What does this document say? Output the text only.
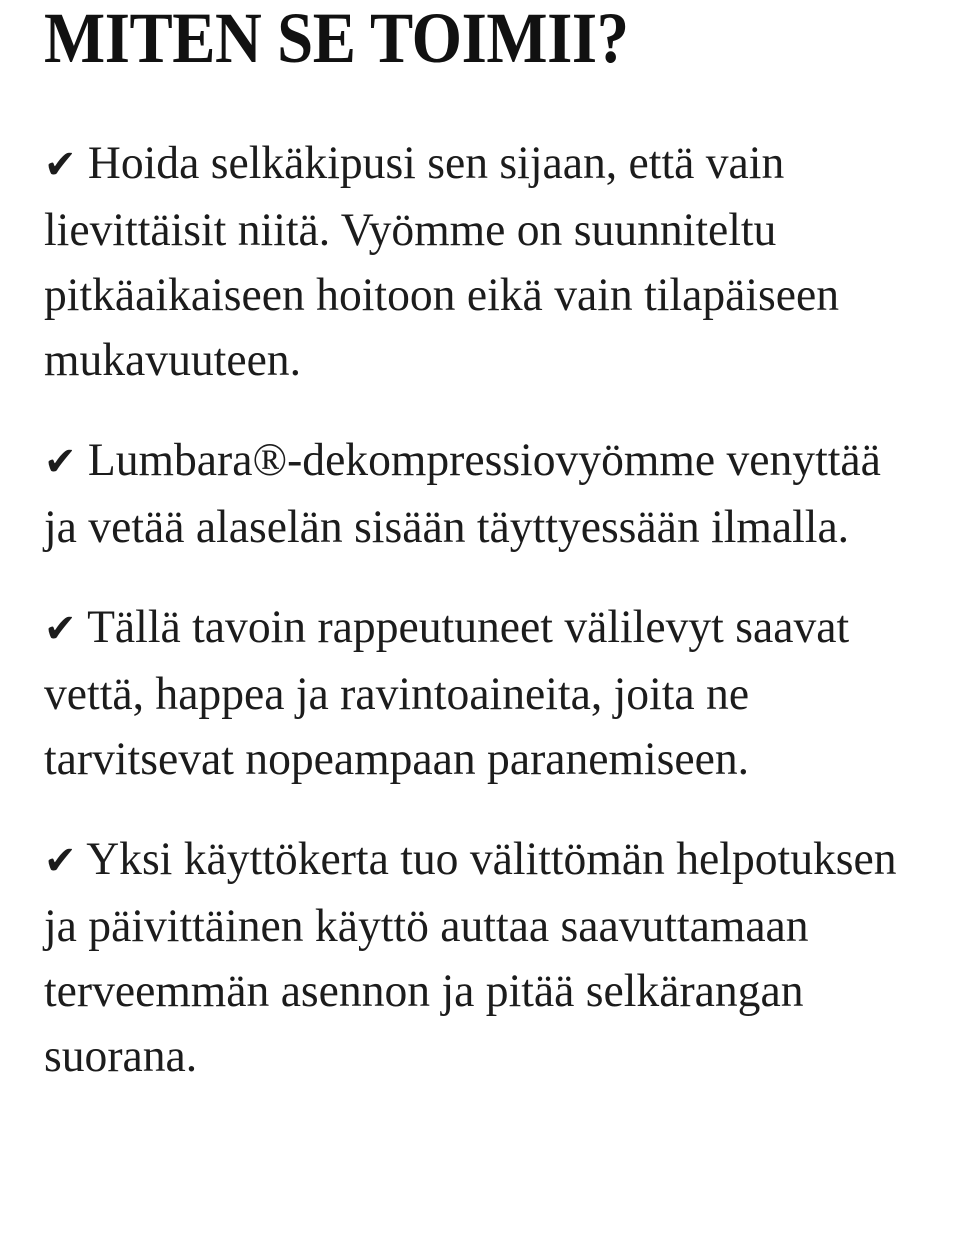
MITEN SE TOIMII?
✔ Hoida selkäkipusi sen sijaan, että vain lievittäisit niitä. Vyömme on suunniteltu pitkäaikaiseen hoitoon eikä vain tilapäiseen mukavuuteen.
✔ Lumbara®-dekompressiovyömme venyttää ja vetää alaselän sisään täyttyessään ilmalla.
✔ Tällä tavoin rappeutuneet välilevyt saavat vettä, happea ja ravintoaineita, joita ne tarvitsevat nopeampaan paranemiseen.
✔ Yksi käyttökerta tuo välittömän helpotuksen ja päivittäinen käyttö auttaa saavuttamaan terveemmän asennon ja pitää selkärangan suorana.
